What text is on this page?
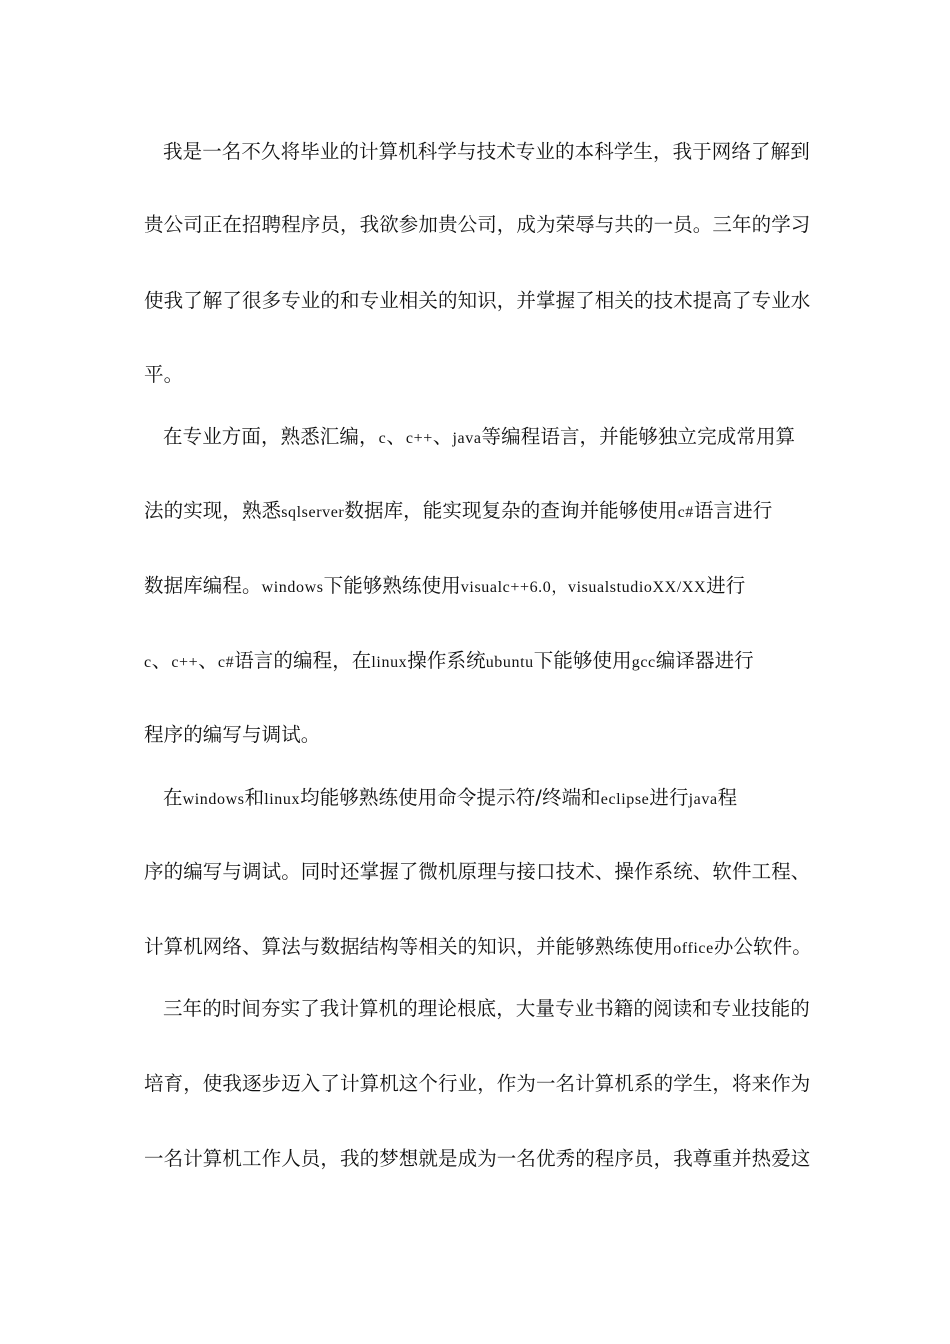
我是一名不久将毕业的计算机科学与技术专业的本科学生，我于网络了解到
贵公司正在招聘程序员，我欲参加贵公司，成为荣辱与共的一员。三年的学习
使我了解了很多专业的和专业相关的知识，并掌握了相关的技术提高了专业水
平。
在专业方面，熟悉汇编，c、c++、java等编程语言，并能够独立完成常用算
法的实现，熟悉sqlserver数据库，能实现复杂的查询并能够使用c#语言进行
数据库编程。windows下能够熟练使用visualc++6.0，visualstudioXX/XX进行
c、c++、c#语言的编程，在linux操作系统ubuntu下能够使用gcc编译器进行
程序的编写与调试。
在windows和linux均能够熟练使用命令提示符/终端和eclipse进行java程
序的编写与调试。同时还掌握了微机原理与接口技术、操作系统、软件工程、
计算机网络、算法与数据结构等相关的知识，并能够熟练使用office办公软件。
三年的时间夯实了我计算机的理论根底，大量专业书籍的阅读和专业技能的
培育，使我逐步迈入了计算机这个行业，作为一名计算机系的学生，将来作为
一名计算机工作人员，我的梦想就是成为一名优秀的程序员，我尊重并热爱这
